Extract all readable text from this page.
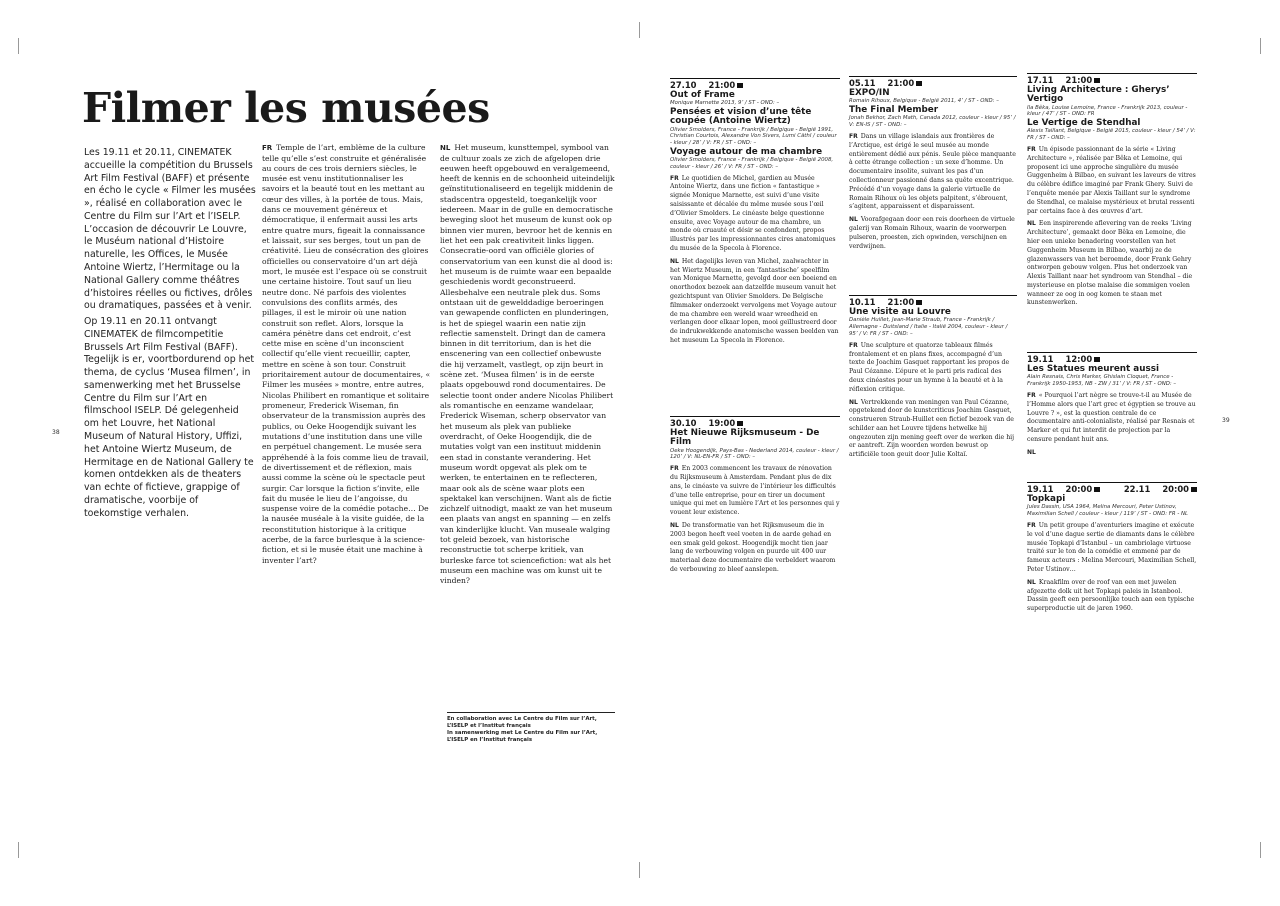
38
39
Filmer les musées

Les 19.11 et 20.11, CINEMATEK accueille la compétition du Brussels Art Film Festival (BAFF) et présente en écho le cycle « Filmer les musées », réalisé en collaboration avec le Centre du Film sur l’Art et l’ISELP. L’occasion de découvrir Le Louvre, le Muséum national d’Histoire naturelle, les Offices, le Musée Antoine Wiertz, l’Hermitage ou la National Gallery comme théâtres d’histoires réelles ou fictives, drôles ou dramatiques, passées et à venir.

Op 19.11 en 20.11 ontvangt CINEMATEK de filmcompetitie Brussels Art Film Festival (BAFF). Tegelijk is er, voortbordurend op het thema, de cyclus ‘Musea filmen’, in samenwerking met het Brusselse Centre du Film sur l’Art en filmschool ISELP. Dé gelegenheid om het Louvre, het National Museum of Natural History, Uffizi, het Antoine Wiertz Museum, de Hermitage en de National Gallery te komen ontdekken als de theaters van echte of fictieve, grappige of dramatische, voorbije of toekomstige verhalen.

FR Temple de l’art, emblème de la culture telle qu’elle s’est construite et généralisée au cours de ces trois derniers siècles, le musée est venu institutionnaliser les savoirs et la beauté tout en les mettant au cœur des villes, à la portée de tous. Mais, dans ce mouvement généreux et démocratique, il enfermait aussi les arts entre quatre murs, figeait la connaissance et laissait, sur ses berges, tout un pan de créativité. Lieu de consécration des gloires officielles ou conservatoire d’un art déjà mort, le musée est l’espace où se construit une certaine histoire. Tout sauf un lieu neutre donc. Né parfois des violentes convulsions des conflits armés, des pillages, il est le miroir où une nation construit son reflet. Alors, lorsque la caméra pénètre dans cet endroit, c’est cette mise en scène d’un inconscient collectif qu’elle vient recueillir, capter, mettre en scène à son tour. Construit prioritairement autour de documentaires, « Filmer les musées » montre, entre autres, Nicolas Philibert en romantique et solitaire promeneur, Frederick Wiseman, fin observateur de la transmission auprès des publics, ou Oeke Hoogendijk suivant les mutations d’une institution dans une ville en perpétuel changement. Le musée sera appréhendé à la fois comme lieu de travail, de divertissement et de réflexion, mais aussi comme la scène où le spectacle peut surgir. Car lorsque la fiction s’invite, elle fait du musée le lieu de l’angoisse, du suspense voire de la comédie potache… De la nausée muséale à la visite guidée, de la reconstitution historique à la critique acerbe, de la farce burlesque à la science-fiction, et si le musée était une machine à inventer l’art?
NL Het museum, kunsttempel, symbool van de cultuur zoals ze zich de afgelopen drie eeuwen heeft opgebouwd en veralgemeend, heeft de kennis en de schoonheid uiteindelijk geïnstitutionaliseerd en tegelijk middenin de stadscentra opgesteld, toegankelijk voor iedereen. Maar in de gulle en democratische beweging sloot het museum de kunst ook op binnen vier muren, bevroor het de kennis en liet het een pak creativiteit links liggen. Consecratie-oord van officiële glories of conservatorium van een kunst die al dood is: het museum is de ruimte waar een bepaalde geschiedenis wordt geconstrueerd. Allesbehalve een neutrale plek dus. Soms ontstaan uit de gewelddadige beroeringen van gewapende conflicten en plunderingen, is het de spiegel waarin een natie zijn reflectie samenstelt. Dringt dan de camera binnen in dit territorium, dan is het die enscenering van een collectief onbewuste die hij verzamelt, vastlegt, op zijn beurt in scène zet. ‘Musea filmen’ is in de eerste plaats opgebouwd rond documentaires. De selectie toont onder andere Nicolas Philibert als romantische en eenzame wandelaar, Frederick Wiseman, scherp observator van het museum als plek van publieke overdracht, of Oeke Hoogendijk, die de mutaties volgt van een instituut middenin een stad in constante verandering. Het museum wordt opgevat als plek om te werken, te entertainen en te reflecteren, maar ook als de scène waar plots een spektakel kan verschijnen. Want als de fictie zichzelf uitnodigt, maakt ze van het museum een plaats van angst en spanning — en zelfs van kinderlijke klucht. Van museale walging tot geleid bezoek, van historische reconstructie tot scherpe kritiek, van burleske farce tot sciencefiction: wat als het museum een machine was om kunst uit te vinden?
En collaboration avec Le Centre du Film sur l’Art, L’ISELP et l’Institut français
In samenwerking met Le Centre du Film sur l’Art, L’ISELP en l’Institut français
27.10 21:00
Out of Frame
Monique Marnette 2013, 9’ / ST - OND: –
Pensées et vision d’une tête coupée (Antoine Wiertz)
Olivier Smolders, France - Frankrijk / Belgique - België 1991, Christian Courtois, Alexandre Von Sivers, Lumi Cäthl / couleur - kleur / 28’ / V: FR / ST - OND: –
Voyage autour de ma chambre
Olivier Smolders, France - Frankrijk / Belgique - België 2008, couleur - kleur / 26’ / V: FR / ST - OND: –
FR Le quotidien de Michel, gardien au Musée Antoine Wiertz, dans une fiction « fantastique » signée Monique Marnette, est suivi d’une visite saisissante et décalée du même musée sous l’œil d’Olivier Smolders. Le cinéaste belge questionne ensuite, avec Voyage autour de ma chambre, un monde où cruauté et désir se confondent, propos illustrés par les impressionnantes cires anatomiques du musée de la Specola à Florence.
NL Het dagelijks leven van Michel, zaalwachter in het Wiertz Museum, in een ‘fantastische’ speelfilm van Monique Marnette, gevolgd door een boeiend en onorthodox bezoek aan datzelfde museum vanuit het gezichtspunt van Olivier Smolders. De Belgische filmmaker onderzoekt vervolgens met Voyage autour de ma chambre een wereld waar wreedheid en verlangen door elkaar lopen, mooi geïllustreerd door de indrukwekkende anatomische wassen beelden van het museum La Specola in Florence.
30.10 19:00
Het Nieuwe Rijksmuseum - De Film
Oeke Hoogendijk, Pays-Bas - Nederland 2014, couleur - kleur / 120’ / V: NL-EN-FR / ST - OND: –
FR En 2003 commencent les travaux de rénovation du Rijksmuseum à Amsterdam. Pendant plus de dix ans, le cinéaste va suivre de l’intérieur les difficultés d’une telle entreprise, pour en tirer un document unique qui met en lumière l’Art et les personnes qui y vouent leur existence.
NL De transformatie van het Rijksmuseum die in 2003 begon heeft veel voeten in de aarde gehad en een smak geld gekost. Hoogendijk mocht tien jaar lang de verbouwing volgen en puurde uit 400 uur materiaal deze documentaire die verbeldert waarom de verbouwing zo bleef aanslepen.
05.11 21:00
EXPO/IN
Romain Rihoux, Belgique - België 2011, 4’ / ST - OND: –
The Final Member
Jonah Bekhor, Zach Math, Canada 2012, couleur - kleur / 95’ / V: EN-IS / ST - OND: –
FR Dans un village islandais aux frontières de l’Arctique, est érigé le seul musée au monde entièrement dédié aux pénis. Seule pièce manquante à cette étrange collection : un sexe d’homme. Un documentaire insolite, suivant les pas d’un collectionneur passionné dans sa quête excentrique. Précédé d’un voyage dans la galerie virtuelle de Romain Rihoux où les objets palpitent, s’ébrouent, s’agitent, apparaissent et disparaissent.
NL Voorafgegaan door een reis doorheen de virtuele galerij van Romain Rihoux, waarin de voorwerpen pulseren, proesten, zich opwinden, verschijnen en verdwijnen.
10.11 21:00
Une visite au Louvre
Danièle Huillet, Jean-Marie Straub, France - Frankrijk / Allemagne - Duitsland / Italie - Italië 2004, couleur - kleur / 95’ / V: FR / ST - OND: –
FR Une sculpture et quatorze tableaux filmés frontalement et en plans fixes, accompagné d’un texte de Joachim Gasquet rapportant les propos de Paul Cézanne. L’épure et le parti pris radical des deux cinéastes pour un hymne à la beauté et à la réflexion critique.
NL Vertrekkende van meningen van Paul Cézanne, opgetekend door de kunstcriticus Joachim Gasquet, construeren Straub-Huillet een fictief bezoek van de schilder aan het Louvre tijdens hetwelke hij ongezouten zijn mening geeft over de werken die hij er aantreft. Zijn woorden worden bewust op artificiële toon geuit door Julie Koltaï.
17.11 21:00
Living Architecture : Gherys’ Vertigo
Ila Bêka, Louise Lemoine, France - Frankrijk 2013, couleur - kleur / 47’ / ST - OND: FR
Le Vertige de Stendhal
Alexis Taillant, Belgique - België 2015, couleur - kleur / 54’ / V: FR / ST - OND: –
FR Un épisode passionnant de la série « Living Architecture », réalisée par Bêka et Lemoine, qui proposent ici une approche singulière du musée Guggenheim à Bilbao, en suivant les laveurs de vitres du célèbre édifice imaginé par Frank Ghery. Suivi de l’enquête menée par Alexis Taillant sur le syndrome de Stendhal, ce malaise mystérieux et brutal ressenti par certains face à des œuvres d’art.
NL Een inspirerende aflevering van de reeks ‘Living Architecture’, gemaakt door Bêka en Lemoine, die hier een unieke benadering voorstellen van het Guggenheim Museum in Bilbao, waarbij ze de glazenwassers van het beroemde, door Frank Gehry ontworpen gebouw volgen. Plus het onderzoek van Alexis Taillant naar het syndroom van Stendhal – die mysterieuse en plotse malaise die sommigen voelen wanneer ze oog in oog komen te staan met kunstenwerken.
19.11 12:00
Les Statues meurent aussi
Alain Resnais, Chris Marker, Ghislain Cloquet, France - Frankrijk 1950-1953, NB - ZW / 31’ / V: FR / ST - OND: –
FR « Pourquoi l’art nègre se trouve-t-il au Musée de l’Homme alors que l’art grec et égyptien se trouve au Louvre ? », est la question centrale de ce documentaire anti-colonialiste, réalisé par Resnais et Marker et qui fut interdit de projection par la censure pendant huit ans.
NL
19.11 20:00	22.11 20:00
Topkapi
Jules Dassin, USA 1964, Melina Mercouri, Peter Ustinov, Maximilian Schell / couleur - kleur / 119’ / ST - OND: FR - NL
FR Un petit groupe d’aventuriers imagine et exécute le vol d’une dague sertie de diamants dans le célèbre musée Topkapi d’Istanbul – un cambriolage virtuose traité sur le ton de la comédie et emmené par de fameux acteurs : Melina Mercouri, Maximilian Schell, Peter Ustinov…
NL Kraakfilm over de roof van een met juwelen afgezette dolk uit het Topkapi paleis in Istanbool. Dassin geeft een persoonlijke touch aan een typische superproductie uit de jaren 1960.
